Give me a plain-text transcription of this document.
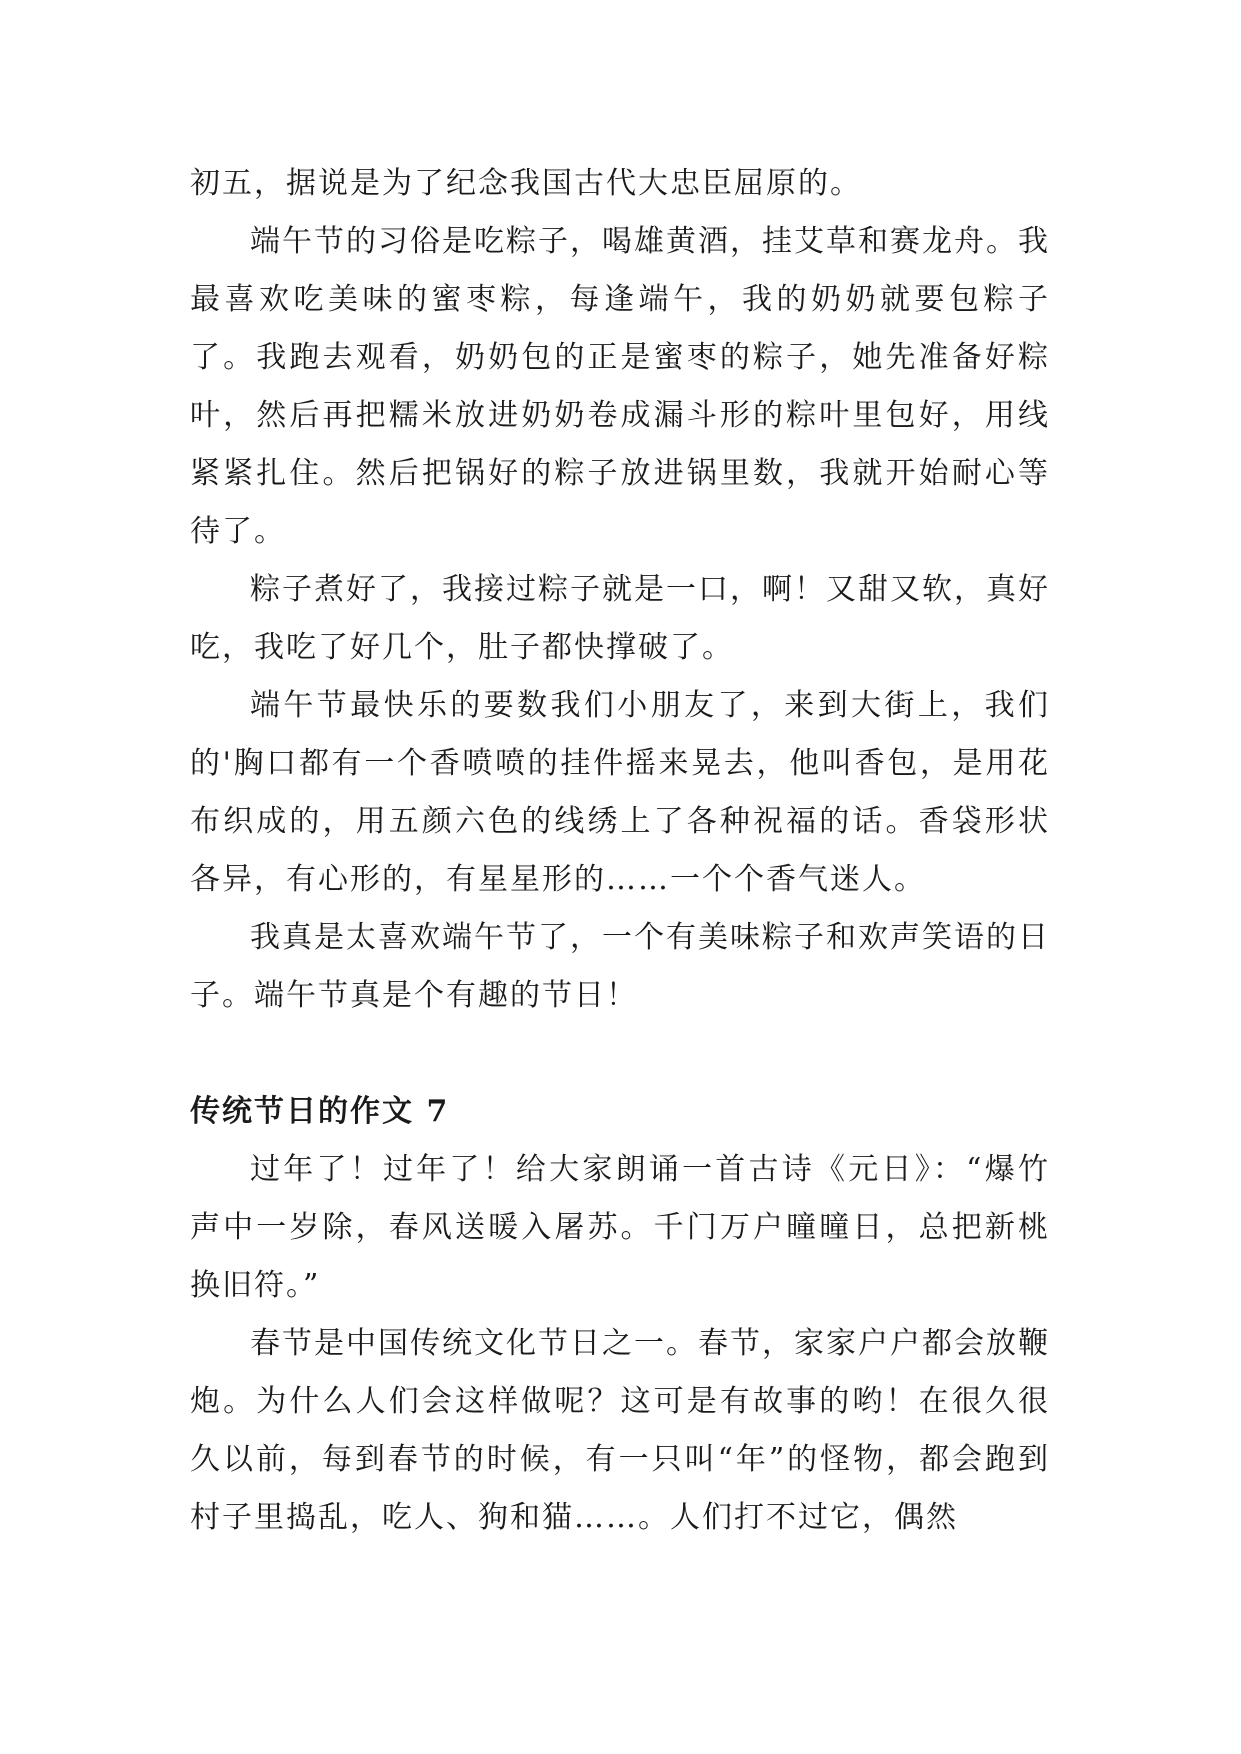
初五，据说是为了纪念我国古代大忠臣屈原的。

端午节的习俗是吃粽子，喝雄黄酒，挂艾草和赛龙舟。我最喜欢吃美味的蜜枣粽，每逢端午，我的奶奶就要包粽子了。我跑去观看，奶奶包的正是蜜枣的粽子，她先准备好粽叶，然后再把糯米放进奶奶卷成漏斗形的粽叶里包好，用线紧紧扎住。然后把锅好的粽子放进锅里数，我就开始耐心等待了。

粽子煮好了，我接过粽子就是一口，啊！又甜又软，真好吃，我吃了好几个，肚子都快撑破了。

端午节最快乐的要数我们小朋友了，来到大街上，我们的'胸口都有一个香喷喷的挂件摇来晃去，他叫香包，是用花布织成的，用五颜六色的线绣上了各种祝福的话。香袋形状各异，有心形的，有星星形的……一个个香气迷人。

我真是太喜欢端午节了，一个有美味粽子和欢声笑语的日子。端午节真是个有趣的节日！

传统节日的作文 7

过年了！过年了！给大家朗诵一首古诗《元日》：“爆竹声中一岁除，春风送暖入屠苏。千门万户曈曈日，总把新桃换旧符。”

春节是中国传统文化节日之一。春节，家家户户都会放鞭炮。为什么人们会这样做呢？这可是有故事的哟！在很久很久以前，每到春节的时候，有一只叫“年”的怪物，都会跑到村子里捣乱，吃人、狗和猫……。人们打不过它，偶然
